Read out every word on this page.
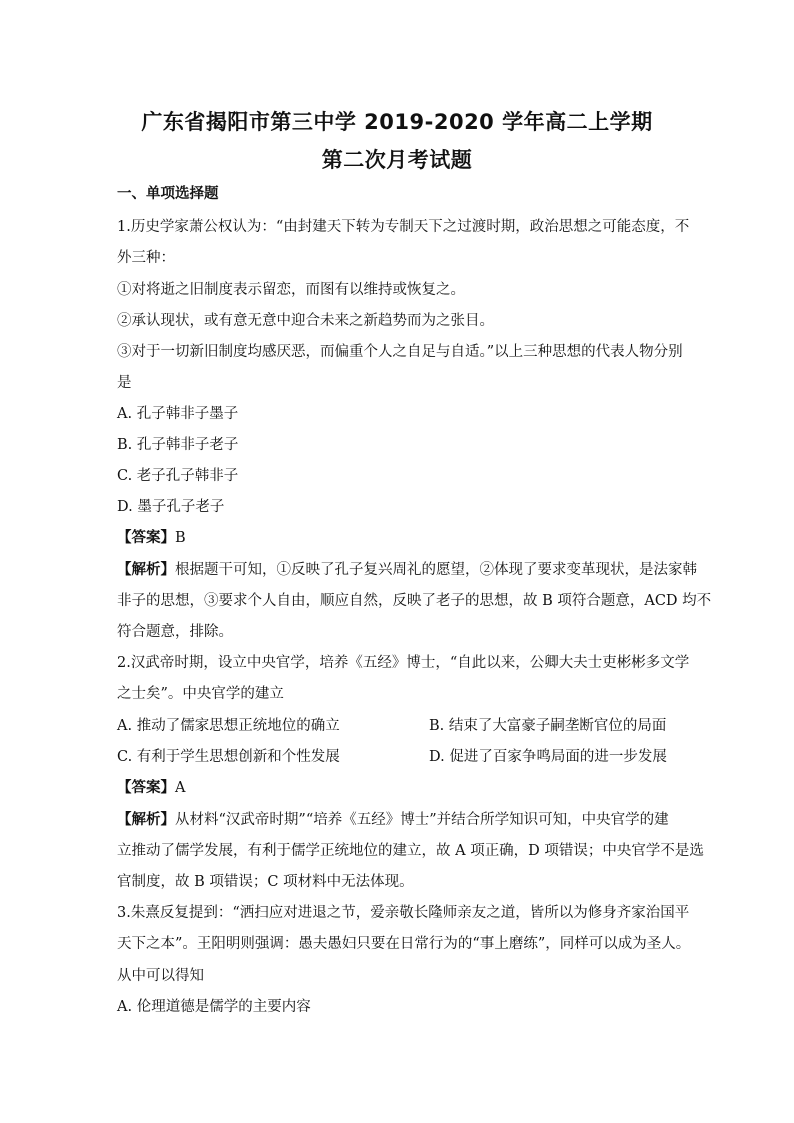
广东省揭阳市第三中学 2019-2020 学年高二上学期
第二次月考试题
一、单项选择题
1.历史学家萧公权认为：“由封建天下转为专制天下之过渡时期，政治思想之可能态度，不
外三种：
①对将逝之旧制度表示留恋，而图有以维持或恢复之。
②承认现状，或有意无意中迎合未来之新趋势而为之张目。
③对于一切新旧制度均感厌恶，而偏重个人之自足与自适。”以上三种思想的代表人物分别
是
A. 孔子韩非子墨子
B. 孔子韩非子老子
C. 老子孔子韩非子
D. 墨子孔子老子
【答案】B
【解析】根据题干可知，①反映了孔子复兴周礼的愿望，②体现了要求变革现状，是法家韩
非子的思想，③要求个人自由，顺应自然，反映了老子的思想，故 B 项符合题意，ACD 均不
符合题意，排除。
2.汉武帝时期，设立中央官学，培养《五经》博士，“自此以来，公卿大夫士吏彬彬多文学
之士矣”。中央官学的建立
A. 推动了儒家思想正统地位的确立	B. 结束了大富豪子嗣垄断官位的局面
C. 有利于学生思想创新和个性发展	D. 促进了百家争鸣局面的进一步发展
【答案】A
【解析】从材料“汉武帝时期”“培养《五经》博士”并结合所学知识可知，中央官学的建
立推动了儒学发展，有利于儒学正统地位的建立，故 A 项正确，D 项错误；中央官学不是选
官制度，故 B 项错误；C 项材料中无法体现。
3.朱熹反复提到：“洒扫应对进退之节，爱亲敬长隆师亲友之道，皆所以为修身齐家治国平
天下之本”。王阳明则强调：愚夫愚妇只要在日常行为的“事上磨练”，同样可以成为圣人。
从中可以得知
A. 伦理道德是儒学的主要内容
